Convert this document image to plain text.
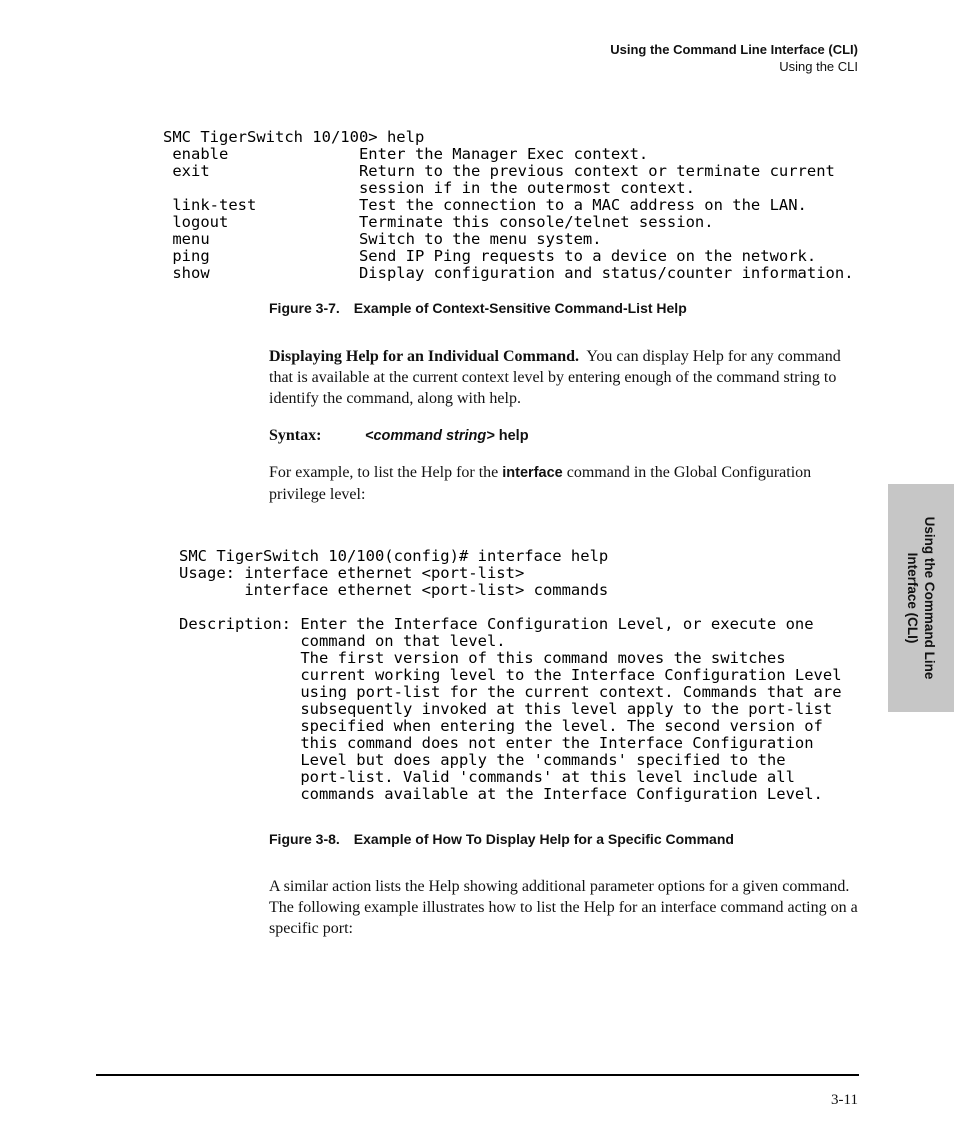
Using the Command Line Interface (CLI)
Using the CLI
SMC TigerSwitch 10/100> help
enable              Enter the Manager Exec context.
exit                Return to the previous context or terminate current
session if in the outermost context.
link-test           Test the connection to a MAC address on the LAN.
logout              Terminate this console/telnet session.
menu                Switch to the menu system.
ping                Send IP Ping requests to a device on the network.
show                Display configuration and status/counter information.
Figure 3-7. Example of Context-Sensitive Command-List Help

Displaying Help for an Individual Command. You can display Help for any command that is available at the current context level by entering enough of the command string to identify the command, along with help.

Syntax:	<command string> help

For example, to list the Help for the interface command in the Global Configuration privilege level:

SMC TigerSwitch 10/100(config)# interface help
Usage: interface ethernet <port-list>
interface ethernet <port-list> commands

Description: Enter the Interface Configuration Level, or execute one
command on that level.
The first version of this command moves the switches
current working level to the Interface Configuration Level
using port-list for the current context. Commands that are
subsequently invoked at this level apply to the port-list
specified when entering the level. The second version of
this command does not enter the Interface Configuration
Level but does apply the 'commands' specified to the
port-list. Valid 'commands' at this level include all
commands available at the Interface Configuration Level.
Figure 3-8. Example of How To Display Help for a Specific Command

A similar action lists the Help showing additional parameter options for a given command. The following example illustrates how to list the Help for an interface command acting on a specific port:

Using the Command Line
Interface (CLI)
3-11
